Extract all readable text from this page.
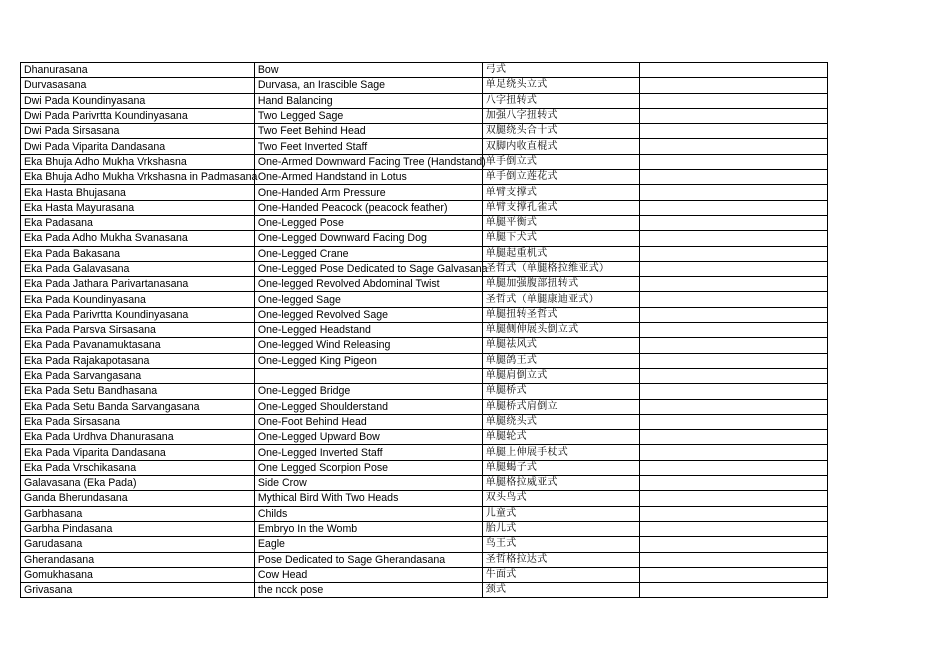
Dhanurasana	Bow	弓式	
Durvasasana	Durvasa, an Irascible Sage	单足绕头立式	
Dwi Pada Koundinyasana	Hand Balancing	八字扭转式	
Dwi Pada Parivrtta Koundinyasana	Two Legged Sage	加强八字扭转式	
Dwi Pada Sirsasana	Two Feet Behind Head	双腿绕头合十式	
Dwi Pada Viparita Dandasana	Two Feet Inverted Staff	双脚内收直棍式	
Eka Bhuja Adho Mukha Vrkshasna	One-Armed Downward Facing Tree (Handstand)	单手倒立式	
Eka Bhuja Adho Mukha Vrkshasna in Padmasana	One-Armed Handstand in Lotus	单手倒立莲花式	
Eka Hasta Bhujasana	One-Handed Arm Pressure	单臂支撑式	
Eka Hasta Mayurasana	One-Handed Peacock (peacock feather)	单臂支撑孔雀式	
Eka Padasana	One-Legged Pose	单腿平衡式	
Eka Pada Adho Mukha Svanasana	One-Legged Downward Facing Dog	单腿下犬式	
Eka Pada Bakasana	One-Legged Crane	单腿起重机式	
Eka Pada Galavasana	One-Legged Pose Dedicated to Sage Galvasana	圣哲式（单腿格拉维亚式）	
Eka Pada Jathara Parivartanasana	One-legged Revolved Abdominal Twist	单腿加强腹部扭转式	
Eka Pada Koundinyasana	One-legged Sage	圣哲式（单腿康迪亚式）	
Eka Pada Parivrtta Koundinyasana	One-legged Revolved Sage	单腿扭转圣哲式	
Eka Pada Parsva Sirsasana	One-Legged Headstand	单腿侧伸展头倒立式	
Eka Pada Pavanamuktasana	One-legged Wind Releasing	单腿祛风式	
Eka Pada Rajakapotasana	One-Legged King Pigeon	单腿鸽王式	
Eka Pada Sarvangasana		单腿肩倒立式	
Eka Pada Setu Bandhasana	One-Legged Bridge	单腿桥式	
Eka Pada Setu Banda Sarvangasana	One-Legged Shoulderstand	单腿桥式肩倒立	
Eka Pada Sirsasana	One-Foot Behind Head	单腿绕头式	
Eka Pada Urdhva Dhanurasana	One-Legged Upward Bow	单腿轮式	
Eka Pada Viparita Dandasana	One-Legged Inverted Staff	单腿上伸展手杖式	
Eka Pada Vrschikasana	One Legged Scorpion Pose	单腿蝎子式	
Galavasana (Eka Pada)	Side Crow	单腿格拉威亚式	
Ganda Bherundasana	Mythical Bird With Two Heads	双头鸟式	
Garbhasana	Childs	儿童式	
Garbha Pindasana	Embryo In the Womb	胎儿式	
Garudasana	Eagle	鸟王式	
Gherandasana	Pose Dedicated to Sage Gherandasana	圣哲格拉达式	
Gomukhasana	Cow Head	牛面式	
Grivasana	the ncck pose	颈式	
